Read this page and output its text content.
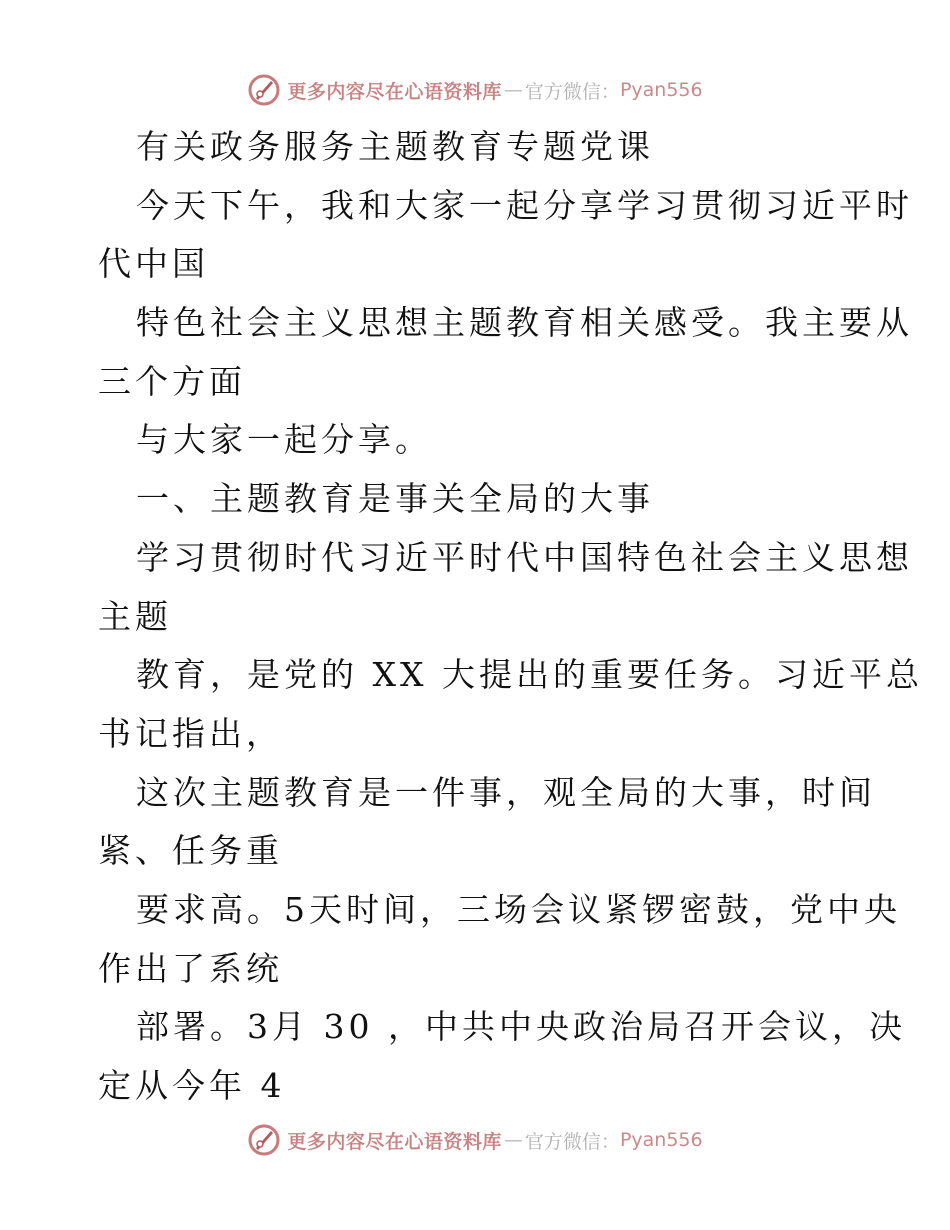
更多内容尽在心语资料库 — 官方微信： Pyan556
有关政务服务主题教育专题党课
今天下午，我和大家一起分享学习贯彻习近平时
代中国
特色社会主义思想主题教育相关感受。我主要从
三个方面
与大家一起分享。
一、主题教育是事关全局的大事
学习贯彻时代习近平时代中国特色社会主义思想
主题
教育，是党的 XX 大提出的重要任务。习近平总
书记指出，
这次主题教育是一件事，观全局的大事，时间
紧、任务重
要求高。5天时间，三场会议紧锣密鼓，党中央
作出了系统
部署。3月 30 ，中共中央政治局召开会议，决
定从今年 4
更多内容尽在心语资料库 — 官方微信： Pyan556
